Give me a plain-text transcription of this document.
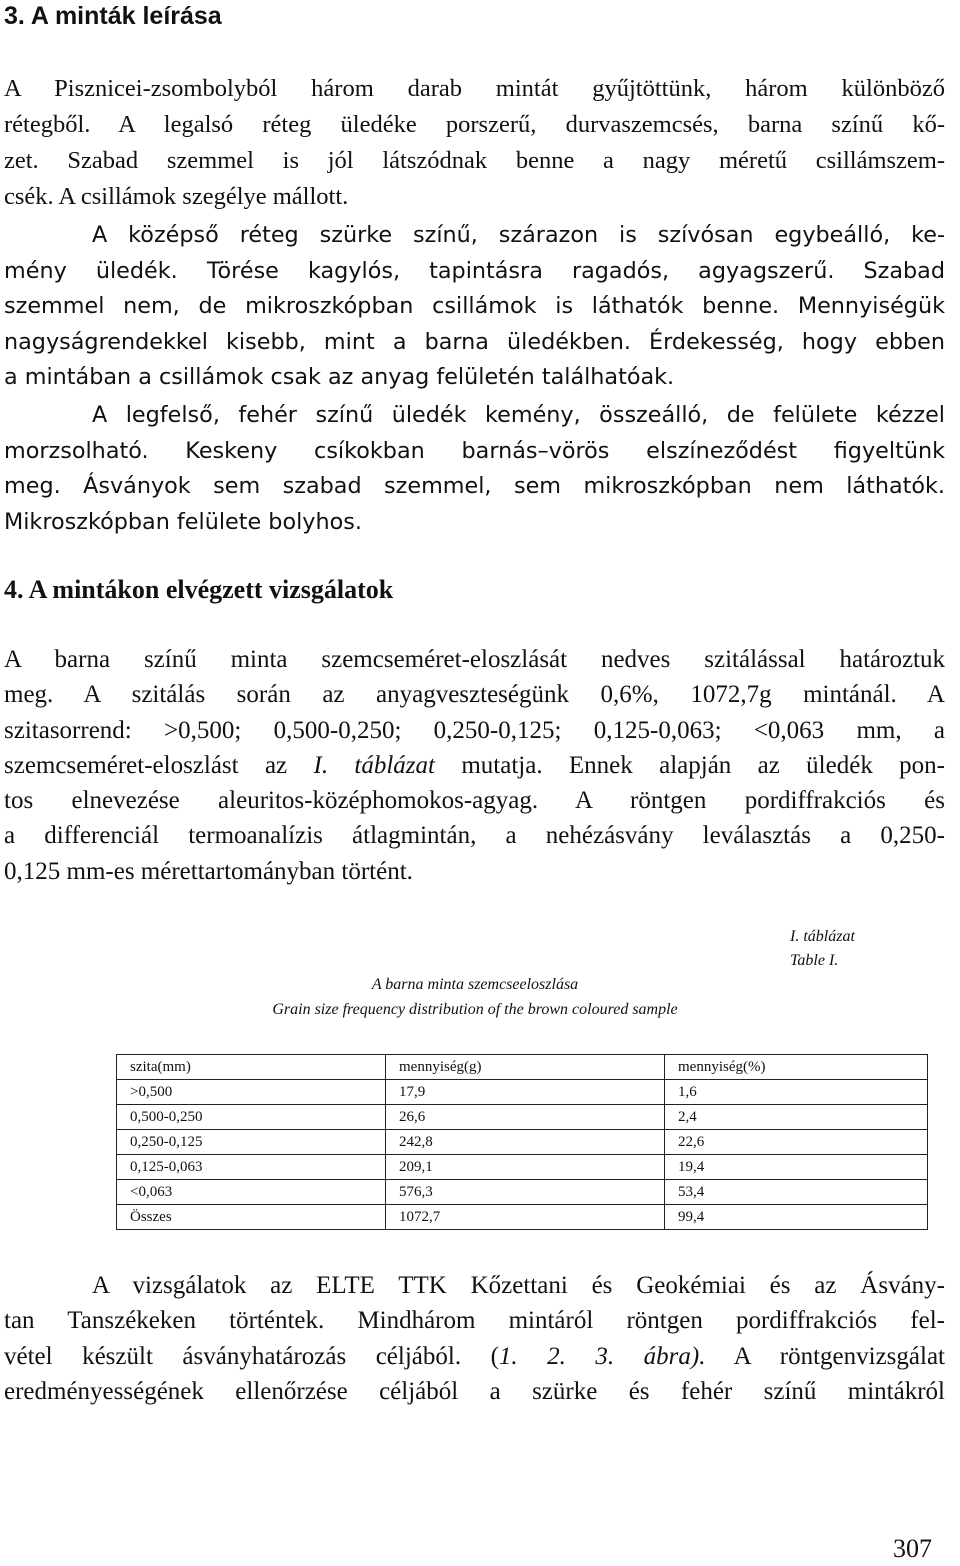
3. A minták leírása
A Pisznicei-zsombolyból három darab mintát gyűjtöttünk, három különböző
rétegből. A legalsó réteg üledéke porszerű, durvaszemcsés, barna színű kő-
zet. Szabad szemmel is jól látszódnak benne a nagy méretű csillámszem-
csék. A csillámok szegélye mállott.
A középső réteg szürke színű, szárazon is szívósan egybeálló, ke-
mény üledék. Törése kagylós, tapintásra ragadós, agyagszerű. Szabad
szemmel nem, de mikroszkópban csillámok is láthatók benne. Mennyiségük
nagyságrendekkel kisebb, mint a barna üledékben. Érdekesség, hogy ebben
a mintában a csillámok csak az anyag felületén találhatóak.
A legfelső, fehér színű üledék kemény, összeálló, de felülete kézzel
morzsolható. Keskeny csíkokban barnás–vörös elszíneződést figyeltünk
meg. Ásványok sem szabad szemmel, sem mikroszkópban nem láthatók.
Mikroszkópban felülete bolyhos.
4. A mintákon elvégzett vizsgálatok
A barna színű minta szemcseméret-eloszlását nedves szitálással határoztuk
meg. A szitálás során az anyagveszteségünk 0,6%, 1072,7g mintánál. A
szitasorrend: >0,500; 0,500-0,250; 0,250-0,125; 0,125-0,063; <0,063 mm, a
szemcseméret-eloszlást az I. táblázat mutatja. Ennek alapján az üledék pon-
tos elnevezése aleuritos-középhomokos-agyag. A röntgen pordiffrakciós és
a differenciál termoanalízis átlagmintán, a nehézásvány leválasztás a 0,250-
0,125 mm-es mérettartományban történt.
I. táblázat
Table I.
A barna minta szemcseeloszlása
Grain size frequency distribution of the brown coloured sample
szita(mm)	mennyiség(g)	mennyiség(%)
>0,500	17,9	1,6
0,500-0,250	26,6	2,4
0,250-0,125	242,8	22,6
0,125-0,063	209,1	19,4
<0,063	576,3	53,4
Összes	1072,7	99,4
A vizsgálatok az ELTE TTK Kőzettani és Geokémiai és az Ásvány-
tan Tanszékeken történtek. Mindhárom mintáról röntgen pordiffrakciós fel-
vétel készült ásványhatározás céljából. (1. 2. 3. ábra). A röntgenvizsgálat
eredményességének ellenőrzése céljából a szürke és fehér színű mintákról
307
